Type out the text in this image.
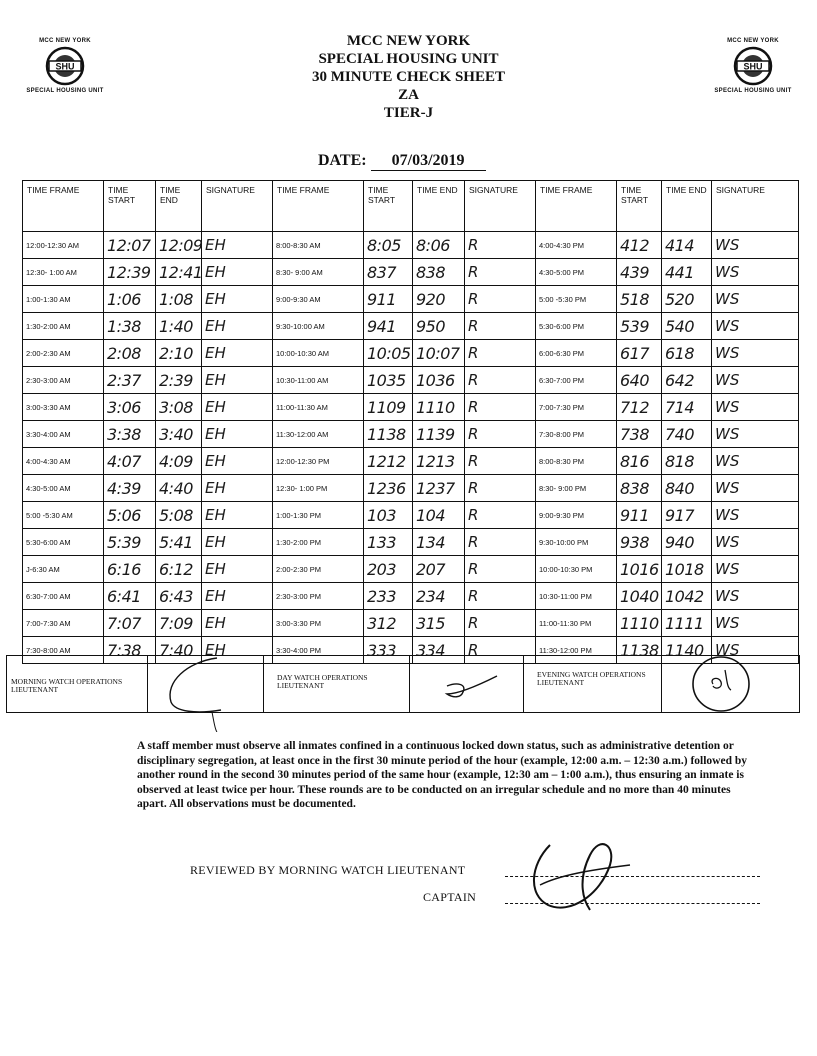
MCC NEW YORK
SHU
SPECIAL HOUSING UNIT
MCC NEW YORK
SHU
SPECIAL HOUSING UNIT
MCC NEW YORK
SPECIAL HOUSING UNIT
30 MINUTE CHECK SHEET
ZA
TIER-J
DATE: 07/03/2019
TIME FRAME	TIME START	TIME END	SIGNATURE	TIME FRAME	TIME START	TIME END	SIGNATURE	TIME FRAME	TIME START	TIME END	SIGNATURE
12:00-12:30 AM	12:07	12:09	EH	8:00-8:30 AM	8:05	8:06	R	4:00-4:30 PM	412	414	WS
12:30- 1:00 AM	12:39	12:41	EH	8:30- 9:00 AM	837	838	R	4:30-5:00 PM	439	441	WS
1:00-1:30 AM	1:06	1:08	EH	9:00-9:30 AM	911	920	R	5:00 -5:30 PM	518	520	WS
1:30-2:00 AM	1:38	1:40	EH	9:30-10:00 AM	941	950	R	5:30-6:00 PM	539	540	WS
2:00-2:30 AM	2:08	2:10	EH	10:00-10:30 AM	10:05	10:07	R	6:00-6:30 PM	617	618	WS
2:30-3:00 AM	2:37	2:39	EH	10:30-11:00 AM	1035	1036	R	6:30-7:00 PM	640	642	WS
3:00-3:30 AM	3:06	3:08	EH	11:00-11:30 AM	1109	1110	R	7:00-7:30 PM	712	714	WS
3:30-4:00 AM	3:38	3:40	EH	11:30-12:00 AM	1138	1139	R	7:30-8:00 PM	738	740	WS
4:00-4:30 AM	4:07	4:09	EH	12:00-12:30 PM	1212	1213	R	8:00-8:30 PM	816	818	WS
4:30-5:00 AM	4:39	4:40	EH	12:30- 1:00 PM	1236	1237	R	8:30- 9:00 PM	838	840	WS
5:00 -5:30 AM	5:06	5:08	EH	1:00-1:30 PM	103	104	R	9:00-9:30 PM	911	917	WS
5:30-6:00 AM	5:39	5:41	EH	1:30-2:00 PM	133	134	R	9:30-10:00 PM	938	940	WS
J-6:30 AM	6:16	6:12	EH	2:00-2:30 PM	203	207	R	10:00-10:30 PM	1016	1018	WS
6:30-7:00 AM	6:41	6:43	EH	2:30-3:00 PM	233	234	R	10:30-11:00 PM	1040	1042	WS
7:00-7:30 AM	7:07	7:09	EH	3:00-3:30 PM	312	315	R	11:00-11:30 PM	1110	1111	WS
7:30-8:00 AM	7:38	7:40	EH	3:30-4:00 PM	333	334	R	11:30-12:00 PM	1138	1140	WS
MORNING WATCH OPERATIONS LIEUTENANT
DAY WATCH OPERATIONS LIEUTENANT
EVENING WATCH OPERATIONS LIEUTENANT
A staff member must observe all inmates confined in a continuous locked down status, such as administrative detention or disciplinary segregation, at least once in the first 30 minute period of the hour (example, 12:00 a.m. – 12:30 a.m.) followed by another round in the second 30 minutes period of the same hour (example, 12:30 am – 1:00 a.m.), thus ensuring an inmate is observed at least twice per hour. These rounds are to be conducted on an irregular schedule and no more than 40 minutes apart. All observations must be documented.
REVIEWED BY MORNING WATCH LIEUTENANT
CAPTAIN
